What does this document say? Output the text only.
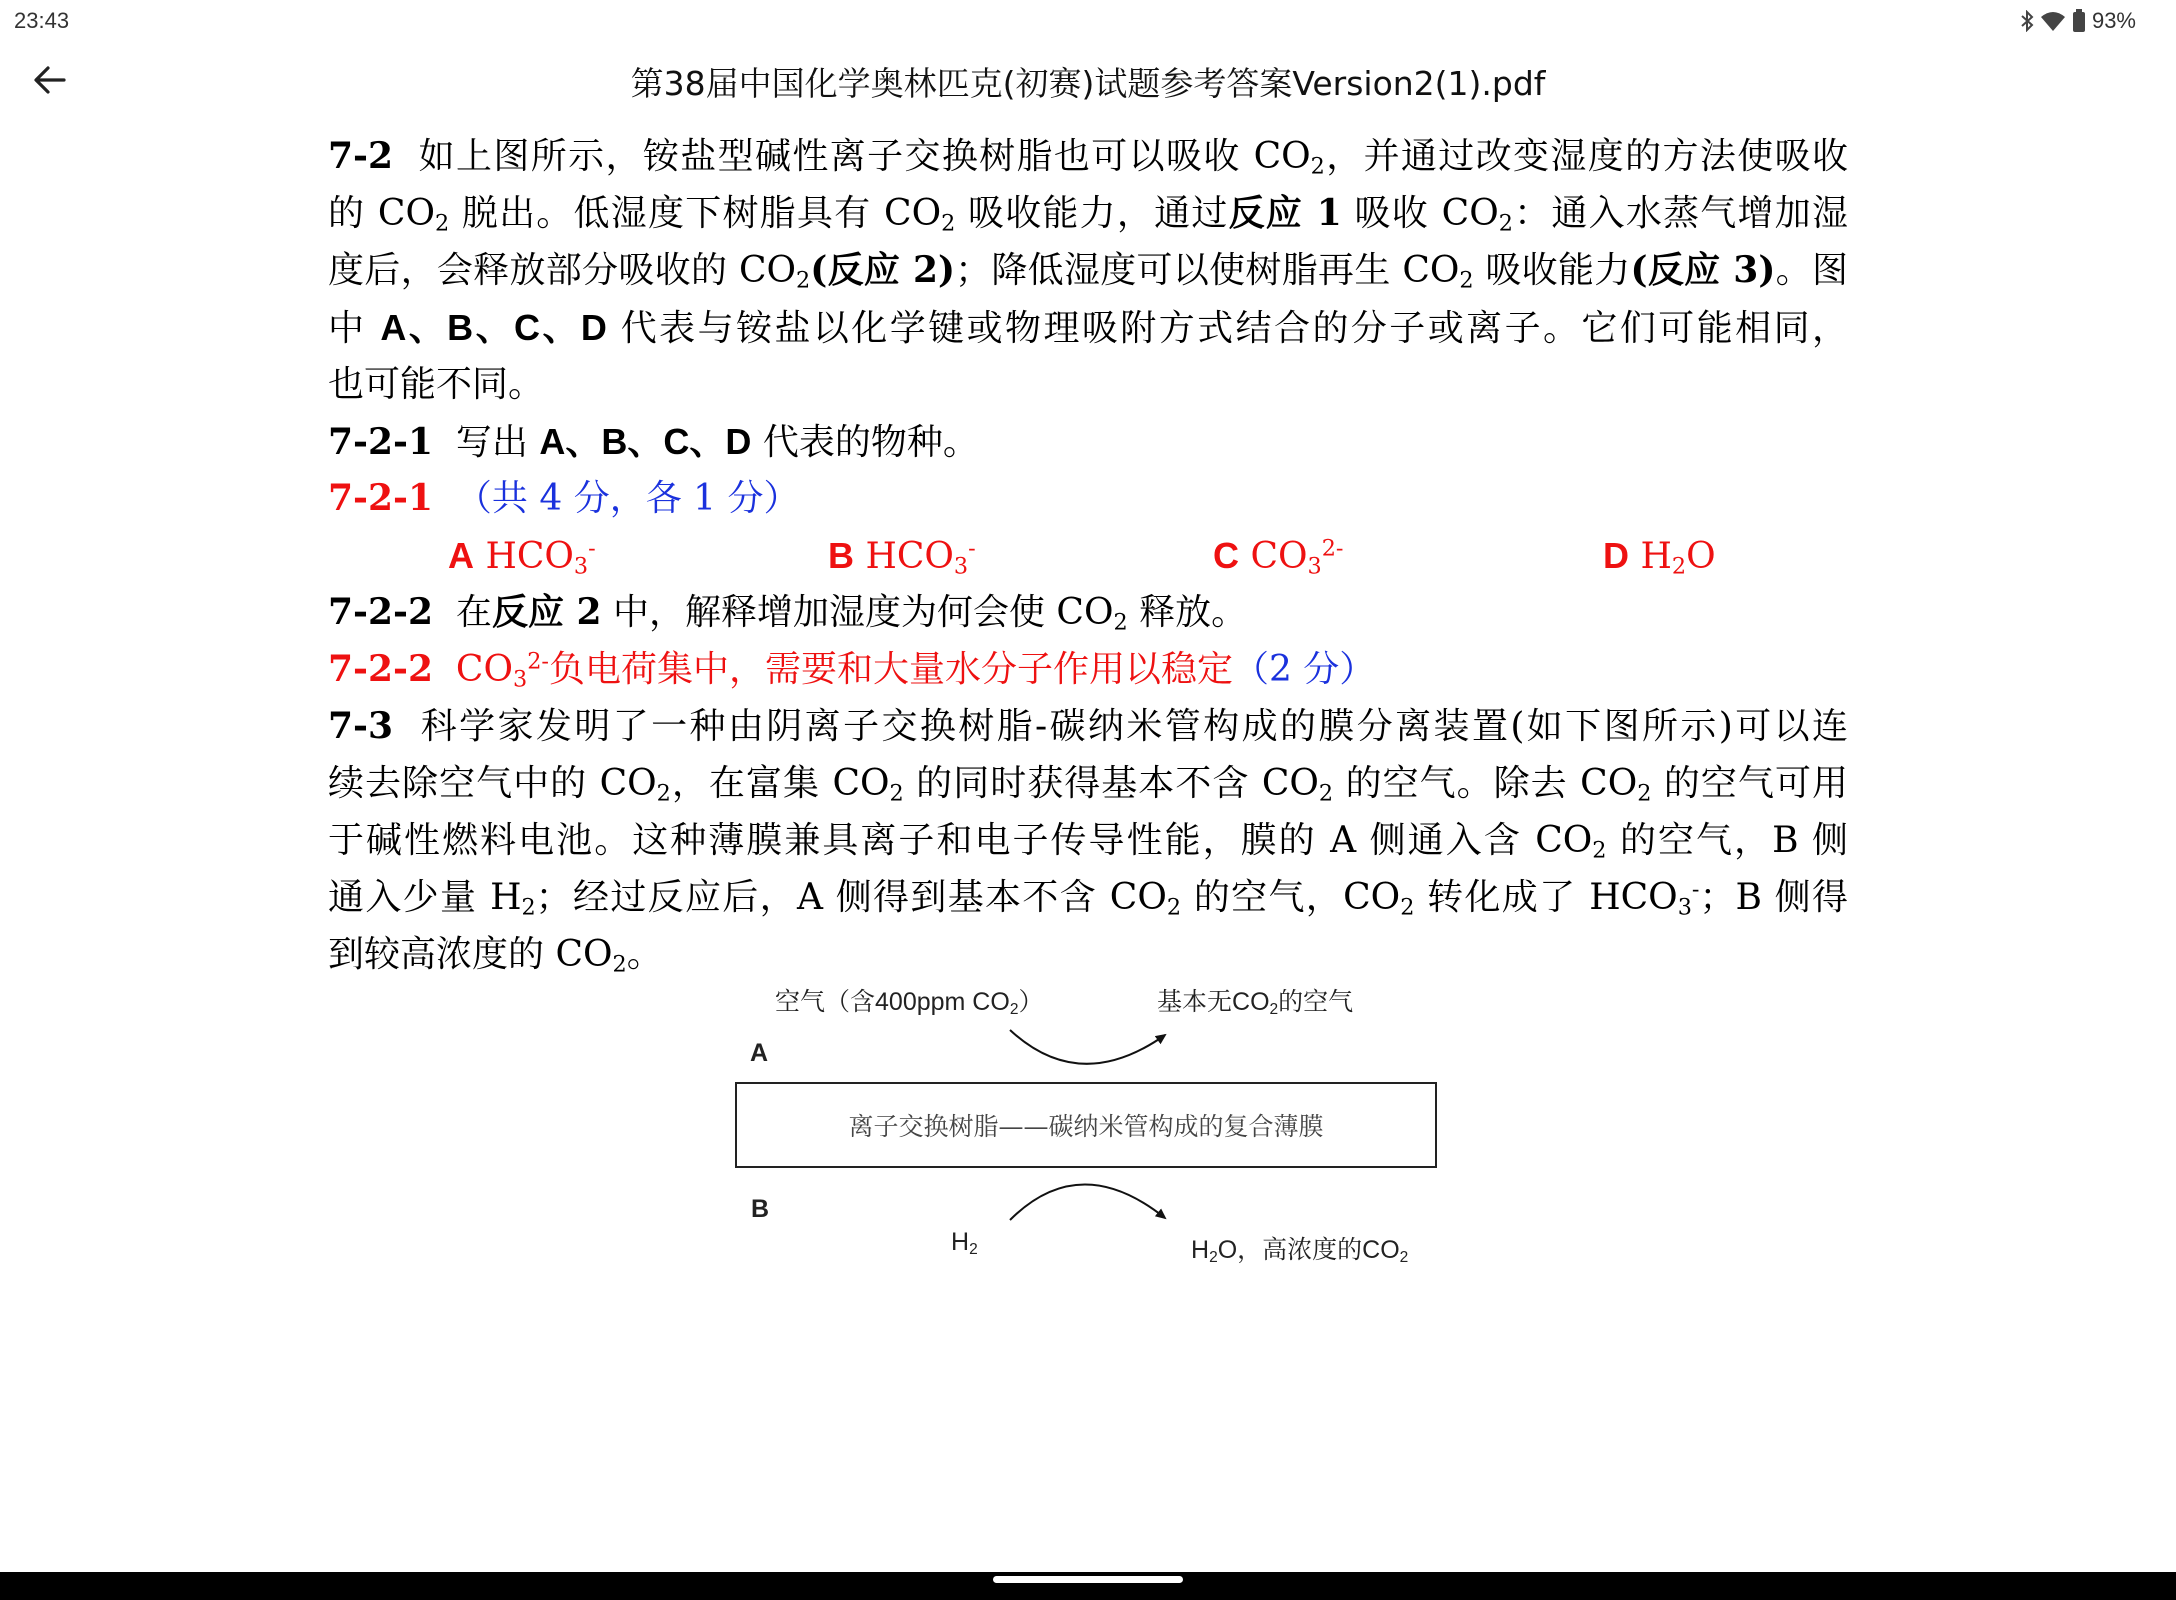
23:43	93%
第38届中国化学奥林匹克(初赛)试题参考答案Version2(1).pdf
7-2 如上图所示，铵盐型碱性离子交换树脂也可以吸收 $CO_2$，并通过改变湿度的方法使吸收
的 $CO_2$ 脱出。低湿度下树脂具有 $CO_2$ 吸收能力，通过反应 1 吸收 $CO_2$：通入水蒸气增加湿
度后，会释放部分吸收的 $CO_2$(反应 2)；降低湿度可以使树脂再生 $CO_2$ 吸收能力(反应 3)。图
中 A、B、C、D 代表与铵盐以化学键或物理吸附方式结合的分子或离子。它们可能相同，
也可能不同。
7-2-1 写出 A、B、C、D 代表的物种。
7-2-1 （共 4 分，各 1 分）
A $HCO_3^-$	B $HCO_3^-$	C $CO_3^{2-}$	D $H_2O$
7-2-2 在反应 2 中，解释增加湿度为何会使 $CO_2$ 释放。
7-2-2 $CO_3^{2-}$负电荷集中，需要和大量水分子作用以稳定（2 分）
7-3 科学家发明了一种由阴离子交换树脂-碳纳米管构成的膜分离装置(如下图所示)可以连
续去除空气中的 $CO_2$，在富集 $CO_2$ 的同时获得基本不含 $CO_2$ 的空气。除去 $CO_2$ 的空气可用
于碱性燃料电池。这种薄膜兼具离子和电子传导性能，膜的 A 侧通入含 $CO_2$ 的空气，B 侧
通入少量 $H_2$；经过反应后，A 侧得到基本不含 $CO_2$ 的空气，$CO_2$ 转化成了 $HCO_3^-$；B 侧得
到较高浓度的 $CO_2$。
空气（含400ppm $CO_2$）	基本无$CO_2$的空气
A
离子交换树脂——碳纳米管构成的复合薄膜
B
$H_2$	$H_2O$，高浓度的$CO_2$
